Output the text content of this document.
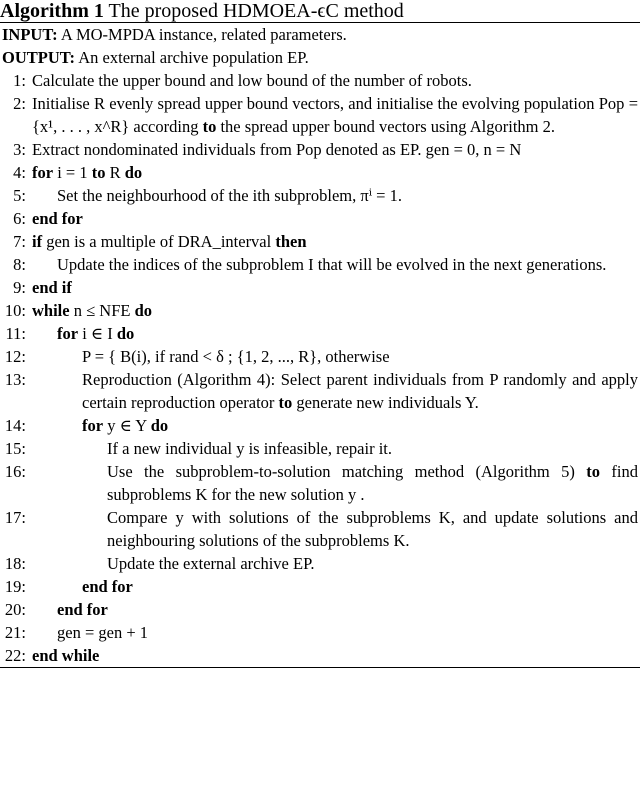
Algorithm 1 The proposed HDMOEA-ϵC method
INPUT: A MO-MPDA instance, related parameters.
OUTPUT: An external archive population EP.
1: Calculate the upper bound and low bound of the number of robots.
2: Initialise R evenly spread upper bound vectors, and initialise the evolving population Pop = {x¹, . . . , x^R} according to the spread upper bound vectors using Algorithm 2.
3: Extract nondominated individuals from Pop denoted as EP. gen = 0, n = N
4: for i = 1 to R do
5:	Set the neighbourhood of the ith subproblem, πⁱ = 1.
6: end for
7: if gen is a multiple of DRA_interval then
8:	Update the indices of the subproblem I that will be evolved in the next generations.
9: end if
10: while n ≤ NFE do
11:	for i ∈ I do
12:	P = { B(i), if rand < δ ; {1, 2, ..., R}, otherwise
13:	Reproduction (Algorithm 4): Select parent individuals from P randomly and apply certain reproduction operator to generate new individuals Y.
14:	for y ∈ Y do
15:	If a new individual y is infeasible, repair it.
16:	Use the subproblem-to-solution matching method (Algorithm 5) to find subproblems K for the new solution y .
17:	Compare y with solutions of the subproblems K, and update solutions and neighbouring solutions of the subproblems K.
18:	Update the external archive EP.
19:	end for
20:	end for
21:	gen = gen + 1
22: end while
